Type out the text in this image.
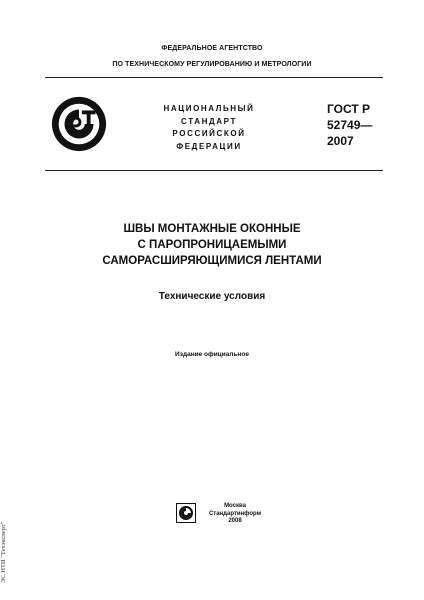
ФЕДЕРАЛЬНОЕ АГЕНТСТВО
ПО ТЕХНИЧЕСКОМУ РЕГУЛИРОВАНИЮ И МЕТРОЛОГИИ
НАЦИОНАЛЬНЫЙ
СТАНДАРТ
РОССИЙСКОЙ
ФЕДЕРАЦИИ
ГОСТ Р
52749—
2007
ШВЫ МОНТАЖНЫЕ ОКОННЫЕ
С ПАРОПРОНИЦАЕМЫМИ
САМОРАСШИРЯЮЩИМИСЯ ЛЕНТАМИ
Технические условия
Издание официальное
Москва
Стандартинформ
2008
ЭС НТИ "Техэксперт"
